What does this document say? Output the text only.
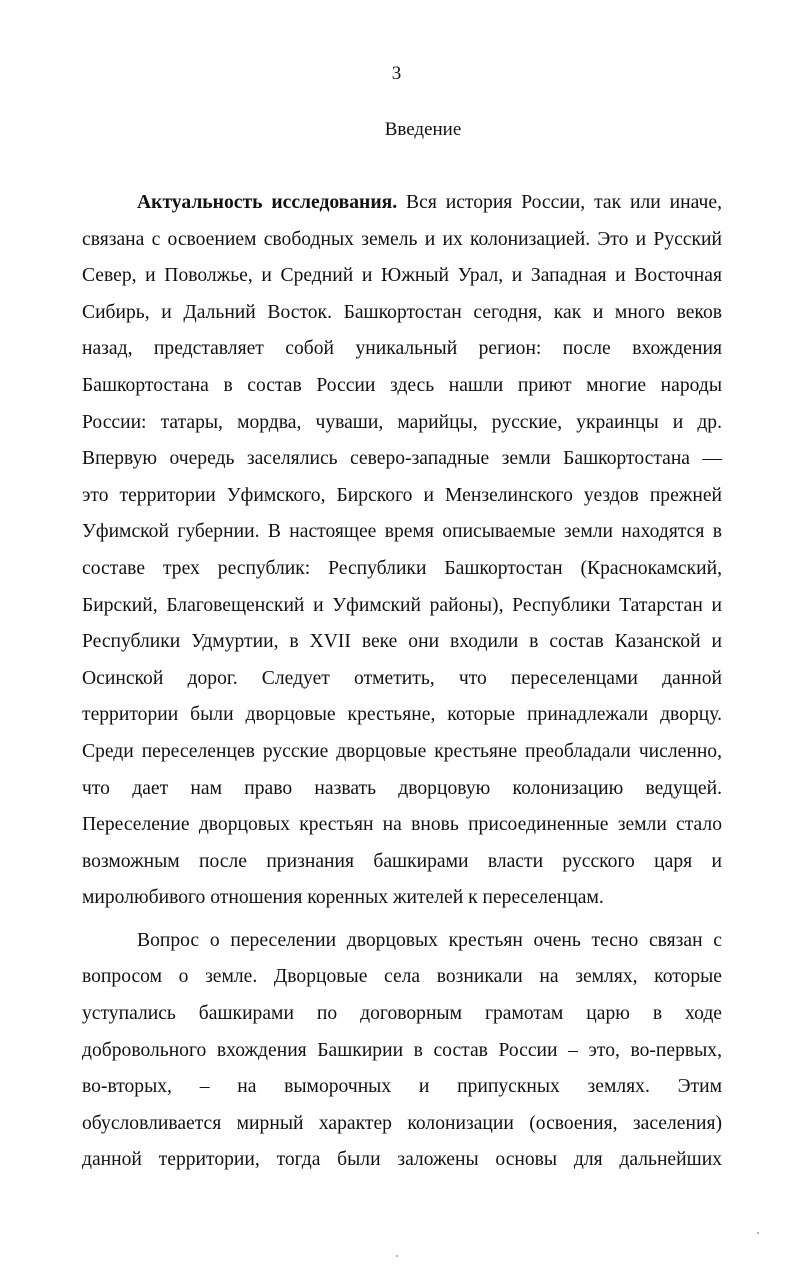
3
Введение
Актуальность исследования. Вся история России, так или иначе,
связана с освоением свободных земель и их колонизацией. Это и Русский
Север, и Поволжье, и Средний и Южный Урал, и Западная и Восточная
Сибирь, и Дальний Восток. Башкортостан сегодня, как и много веков
назад, представляет собой уникальный регион: после вхождения
Башкортостана в состав России здесь нашли приют многие народы
России: татары, мордва, чуваши, марийцы, русские, украинцы и др.
Впервую очередь заселялись северо-западные земли Башкортостана —
это территории Уфимского, Бирского и Мензелинского уездов прежней
Уфимской губернии. В настоящее время описываемые земли находятся в
составе трех республик: Республики Башкортостан (Краснокамский,
Бирский, Благовещенский и Уфимский районы), Республики Татарстан и
Республики Удмуртии, в XVII веке они входили в состав Казанской и
Осинской дорог. Следует отметить, что переселенцами данной
территории были дворцовые крестьяне, которые принадлежали дворцу.
Среди переселенцев русские дворцовые крестьяне преобладали численно,
что дает нам право назвать дворцовую колонизацию ведущей.
Переселение дворцовых крестьян на вновь присоединенные земли стало
возможным после признания башкирами власти русского царя и
миролюбивого отношения коренных жителей к переселенцам.
Вопрос о переселении дворцовых крестьян очень тесно связан с
вопросом о земле. Дворцовые села возникали на землях, которые
уступались башкирами по договорным грамотам царю в ходе
добровольного вхождения Башкирии в состав России – это, во-первых,
во-вторых, – на выморочных и припускных землях. Этим
обусловливается мирный характер колонизации (освоения, заселения)
данной территории, тогда были заложены основы для дальнейших
